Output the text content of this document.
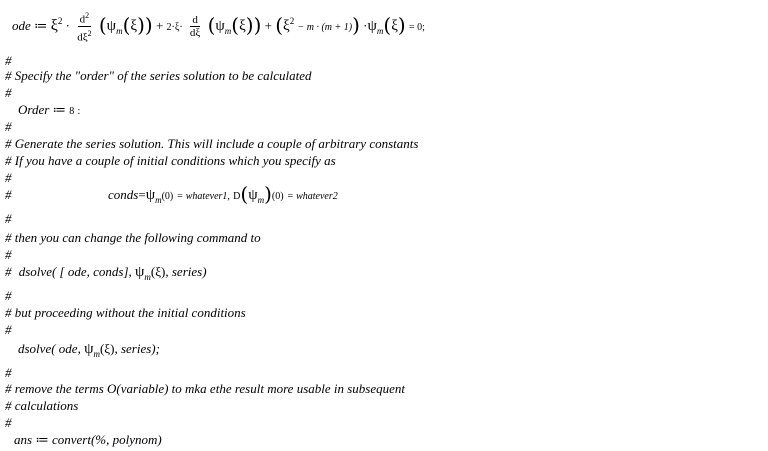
ode ≔ $\xi^2 \cdot \frac{d^2}{d\xi^2} (\psi_m(\xi)) + 2\cdot\xi\cdot \frac{d}{d\xi} (\psi_m(\xi)) + (\xi^2 - m \cdot (m + 1)) \cdot\psi_m(\xi) = 0$;
#
# Specify the "order" of the series solution to be calculated
#
Order ≔ 8 :
#
# Generate the series solution. This will include a couple of arbitrary constants
# If you have a couple of initial conditions which you specify as
#
#	$conds=\psi_m(0)$ = whatever1, $D(\psi_m)(0)$ = whatever2
#
# then you can change the following command to
#
# dsolve( [ ode, conds], $\psi_m(\xi)$, series)
#
# but proceeding without the initial conditions
#
dsolve( ode, $\psi_m(\xi)$, series);
#
# remove the terms O(variable) to mka ethe result more usable in subsequent
# calculations
#
ans ≔ convert(%, polynom)
